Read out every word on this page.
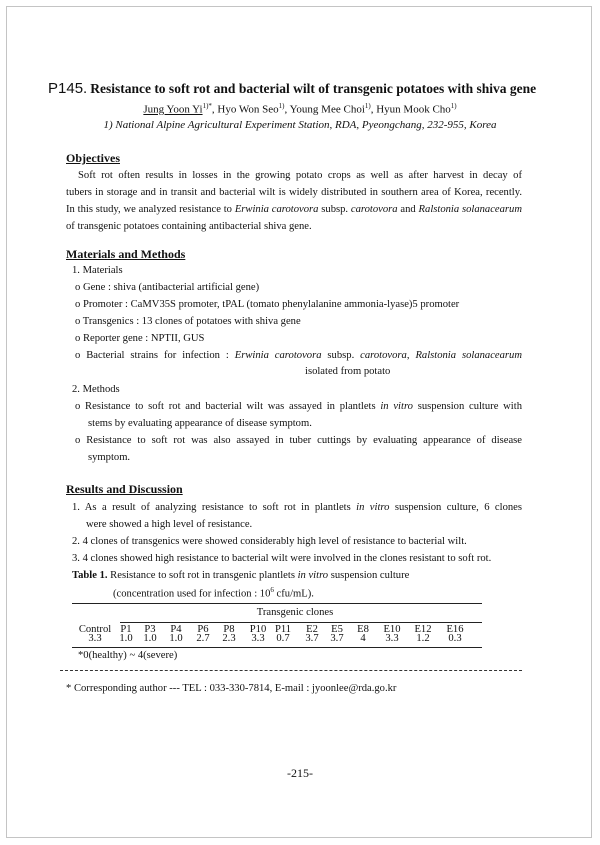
P145. Resistance to soft rot and bacterial wilt of transgenic potatoes with shiva gene
Jung Yoon $Yi^{1)*}$, Hyo Won Seo$^{1)}$, Young Mee Choi$^{1)}$, Hyun Mook Cho$^{1)}$
1) National Alpine Agricultural Experiment Station, RDA, Pyeongchang, 232-955, Korea
Objectives

Soft rot often results in losses in the growing potato crops as well as after harvest in decay of

tubers in storage and in transit and bacterial wilt is widely distributed in southern area of Korea, recently.

In this study, we analyzed resistance to Erwinia carotovora subsp. carotovora and Ralstonia solanacearum

of transgenic potatoes containing antibacterial shiva gene.

Materials and Methods
1. Materials
o Gene : shiva (antibacterial artificial gene)
o Promoter : CaMV35S promoter, tPAL (tomato phenylalanine ammonia-lyase)5 promoter
o Transgenics : 13 clones of potatoes with shiva gene
o Reporter gene : NPTII, GUS
o Bacterial strains for infection : Erwinia carotovora subsp. carotovora, Ralstonia solanacearum
isolated from potato
2. Methods
o Resistance to soft rot and bacterial wilt was assayed in plantlets in vitro suspension culture with
stems by evaluating appearance of disease symptom.
o Resistance to soft rot was also assayed in tuber cuttings by evaluating appearance of disease
symptom.
Results and Discussion
1. As a result of analyzing resistance to soft rot in plantlets in vitro suspension culture, 6 clones
were showed a high level of resistance.
2. 4 clones of transgenics were showed considerably high level of resistance to bacterial wilt.
3. 4 clones showed high resistance to bacterial wilt were involved in the clones resistant to soft rot.
Table 1. Resistance to soft rot in transgenic plantlets in vitro suspension culture
(concentration used for infection : $10^6$ cfu/mL).
Transgenic clones
Control P1	P3	P4	P6	P8	P10 P11	E2	E5	E8	E10	E12	E16
3.3	1.0	1.0	1.0	2.7	2.3	3.3	0.7	3.7	3.7	4	3.3	1.2	0.3
*0(healthy) ~ 4(severe)
* Corresponding author --- TEL : 033-330-7814, E-mail : jyoonlee@rda.go.kr
-215-
